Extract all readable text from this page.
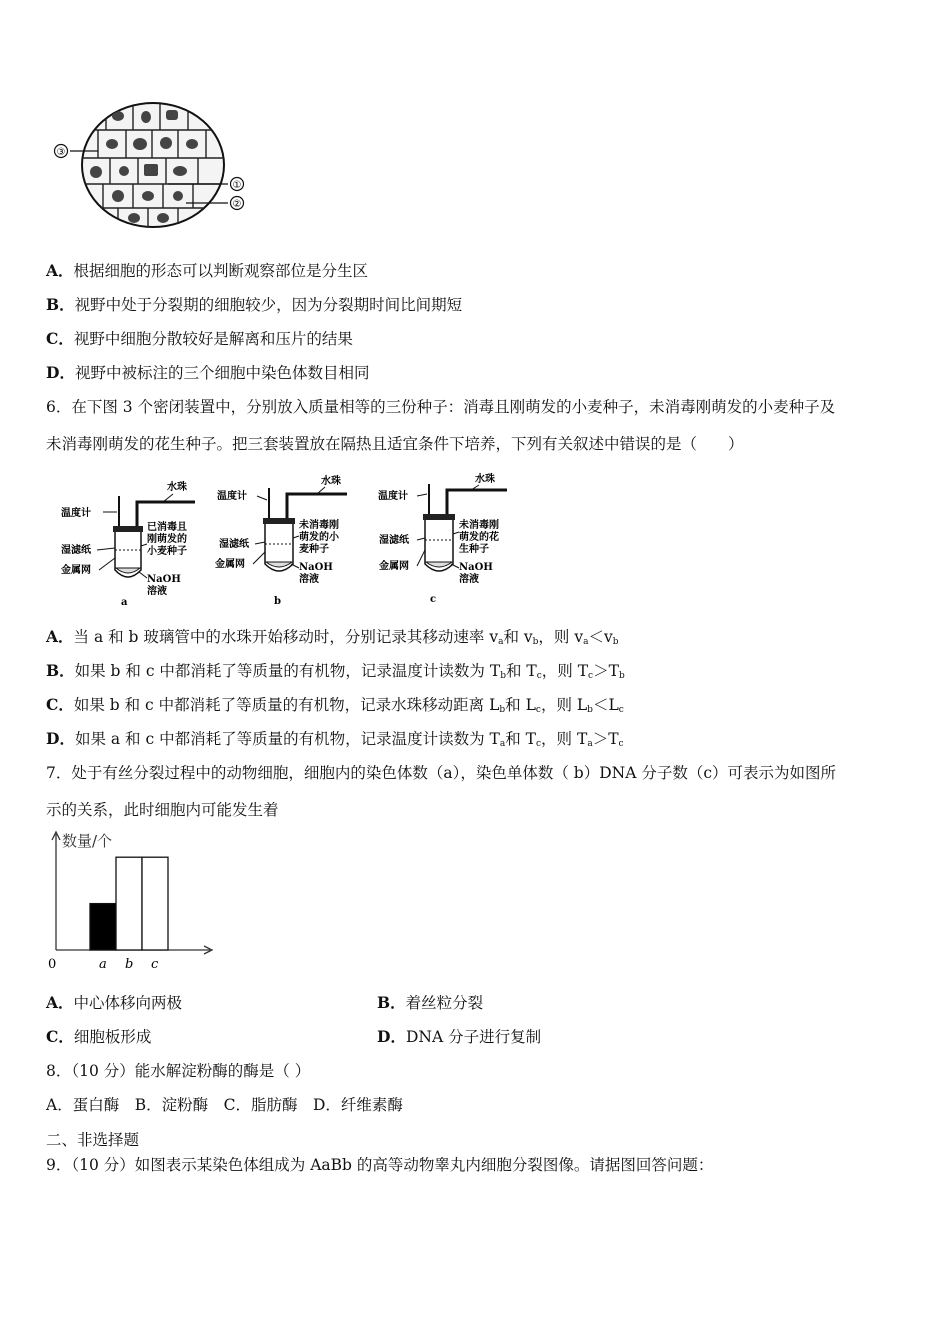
③
①
②
A．根据细胞的形态可以判断观察部位是分生区
B．视野中处于分裂期的细胞较少，因为分裂期时间比间期短
C．视野中细胞分散较好是解离和压片的结果
D．视野中被标注的三个细胞中染色体数目相同
6．在下图 3 个密闭装置中，分别放入质量相等的三份种子：消毒且刚萌发的小麦种子，未消毒刚萌发的小麦种子及
未消毒刚萌发的花生种子。把三套装置放在隔热且适宜条件下培养，下列有关叙述中错误的是（　　）
温度计
水珠
湿滤纸
金属网
已消毒且
刚萌发的
小麦种子
NaOH
溶液
a
温度计
水珠
湿滤纸
金属网
未消毒刚
萌发的小
麦种子
NaOH
溶液
b
温度计
水珠
湿滤纸
金属网
未消毒刚
萌发的花
生种子
NaOH
溶液
c
A．当 a 和 b 玻璃管中的水珠开始移动时，分别记录其移动速率 $v_a$和 $v_b$，则 $v_a<v_b$
B．如果 b 和 c 中都消耗了等质量的有机物，记录温度计读数为 $T_b$和 $T_c$，则 $T_c>T_b$
C．如果 b 和 c 中都消耗了等质量的有机物，记录水珠移动距离 $L_b$和 $L_c$，则 $L_b<L_c$
D．如果 a 和 c 中都消耗了等质量的有机物，记录温度计读数为 $T_a$和 $T_c$，则 $T_a>T_c$
7．处于有丝分裂过程中的动物细胞，细胞内的染色体数（a），染色单体数（ b）DNA 分子数（c）可表示为如图所
示的关系，此时细胞内可能发生着
数量/个
0	a b c
A．中心体移向两极	B．着丝粒分裂
C．细胞板形成	D．DNA 分子进行复制
8．（10 分）能水解淀粉酶的酶是（ ）
A．蛋白酶　B．淀粉酶　C．脂肪酶　D．纤维素酶
二、非选择题
9．（10 分）如图表示某染色体组成为 AaBb 的高等动物睾丸内细胞分裂图像。请据图回答问题：
